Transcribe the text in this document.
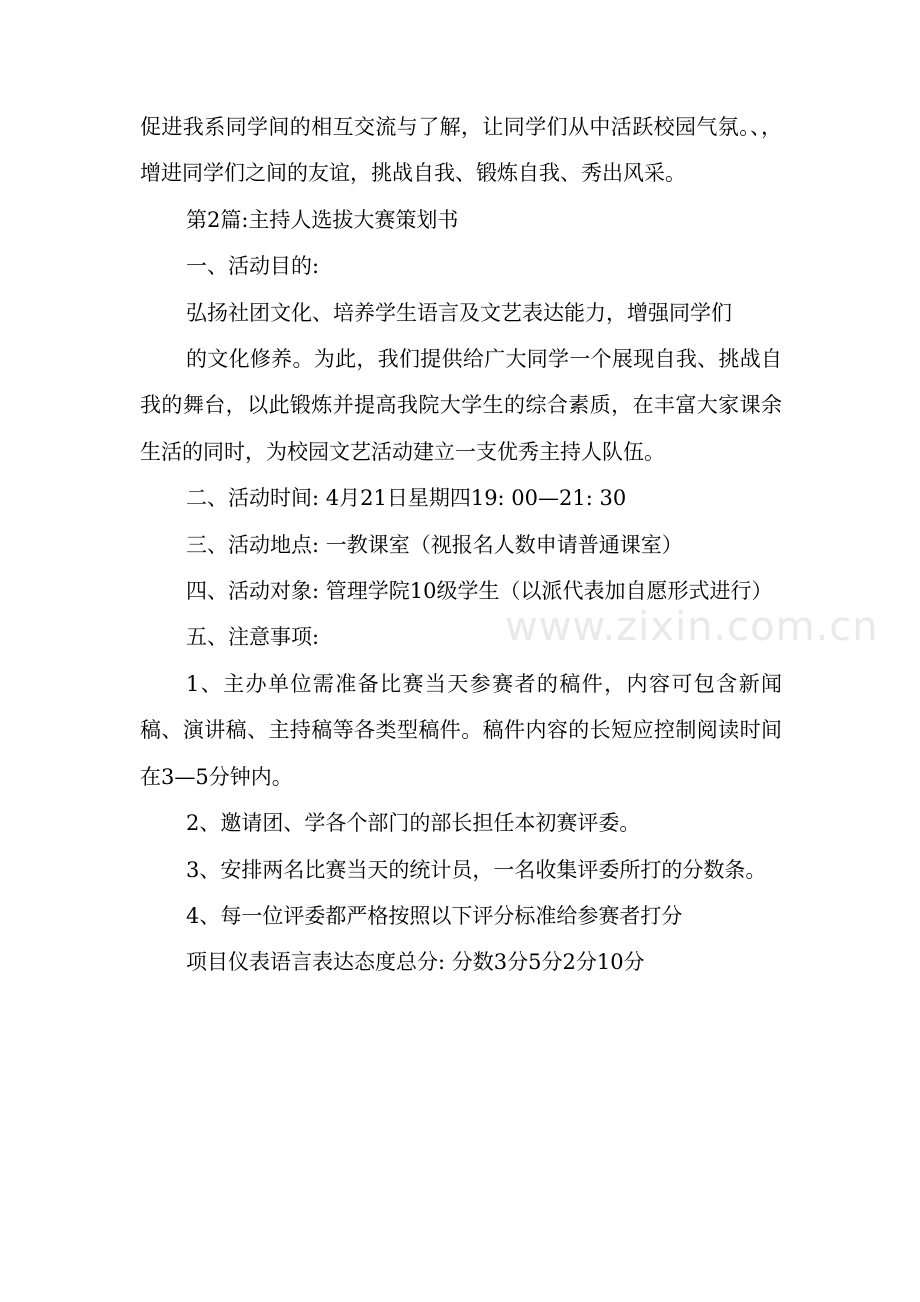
www.zixin.com.cn

促进我系同学间的相互交流与了解，让同学们从中活跃校园气氛。、，增进同学们之间的友谊，挑战自我、锻炼自我、秀出风采。

第2篇:主持人选拔大赛策划书

一、活动目的:

弘扬社团文化、培养学生语言及文艺表达能力，增强同学们

的文化修养。为此，我们提供给广大同学一个展现自我、挑战自我的舞台，以此锻炼并提高我院大学生的综合素质，在丰富大家课余生活的同时，为校园文艺活动建立一支优秀主持人队伍。

二、活动时间: 4月21日星期四19: 00—21: 30

三、活动地点: 一教课室（视报名人数申请普通课室）

四、活动对象: 管理学院10级学生（以派代表加自愿形式进行）

五、注意事项:

1、主办单位需准备比赛当天参赛者的稿件，内容可包含新闻稿、演讲稿、主持稿等各类型稿件。稿件内容的长短应控制阅读时间在3—5分钟内。

2、邀请团、学各个部门的部长担任本初赛评委。

3、安排两名比赛当天的统计员，一名收集评委所打的分数条。

4、每一位评委都严格按照以下评分标准给参赛者打分

项目仪表语言表达态度总分: 分数3分5分2分10分
